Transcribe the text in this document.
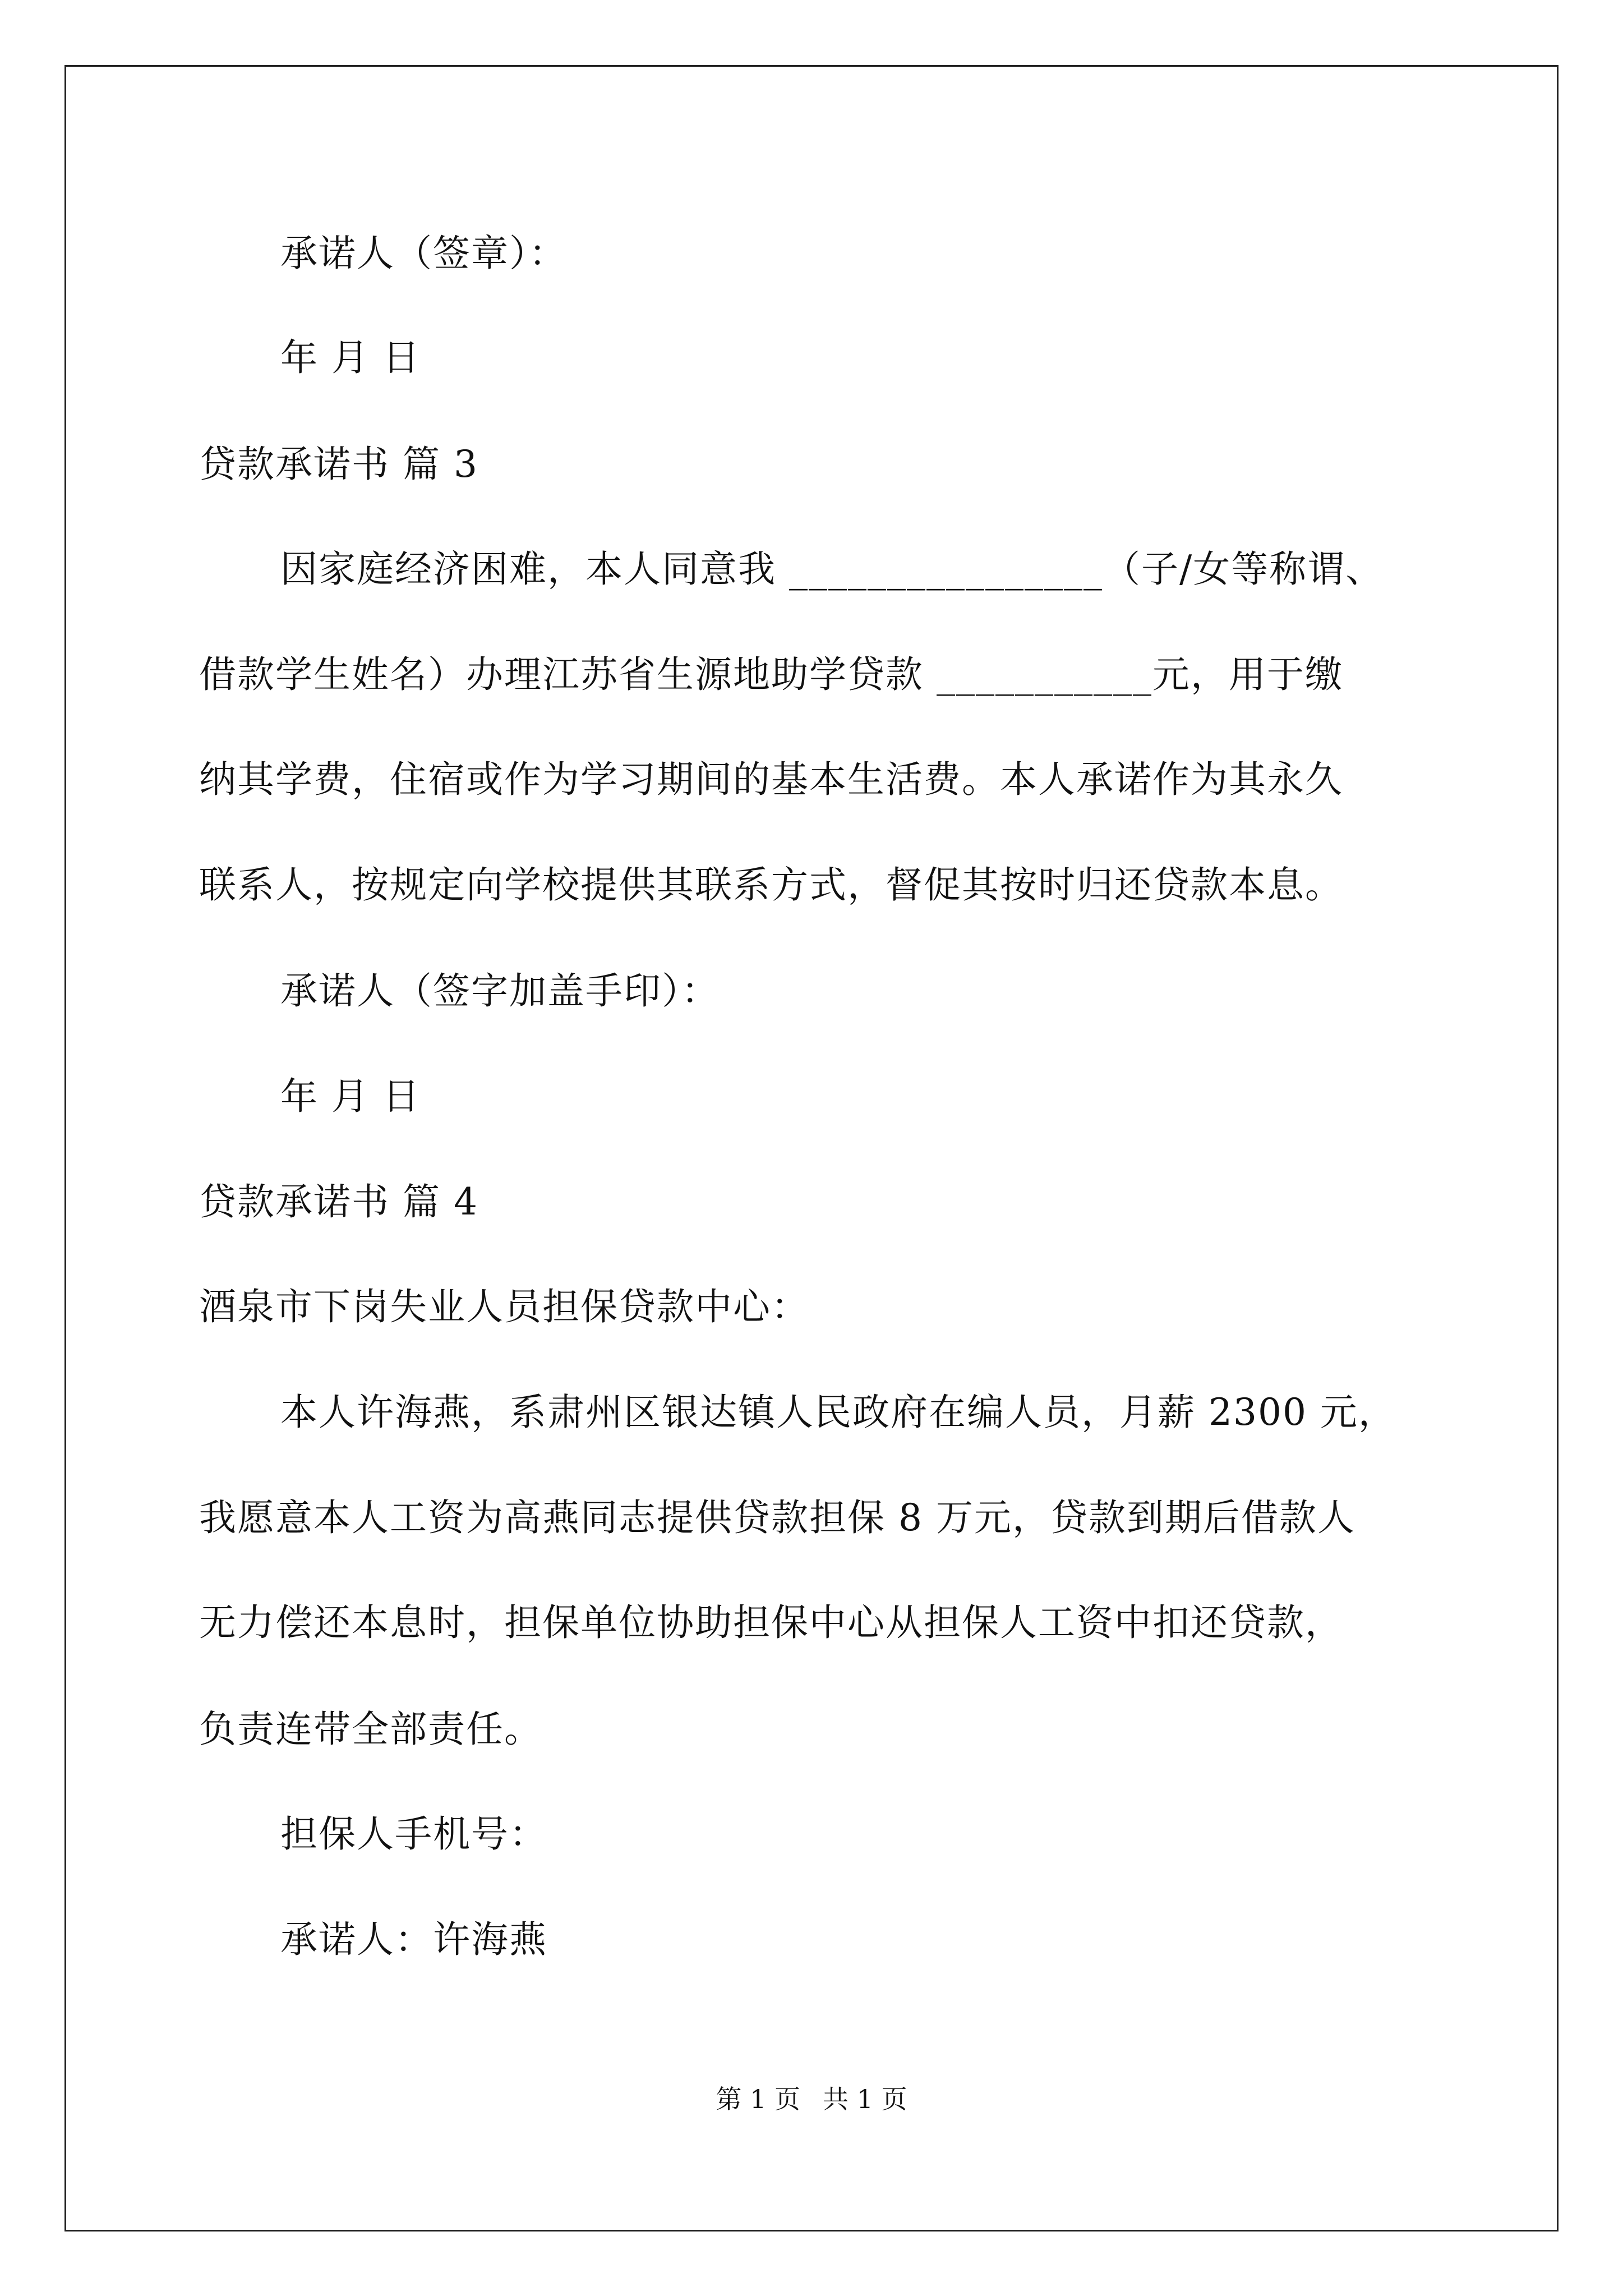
承诺人（签章）：
年 月 日
贷款承诺书 篇 3
因家庭经济困难，本人同意我 ________________（子/女等称谓、
借款学生姓名）办理江苏省生源地助学贷款 ___________元，用于缴
纳其学费，住宿或作为学习期间的基本生活费。本人承诺作为其永久
联系人，按规定向学校提供其联系方式，督促其按时归还贷款本息。
承诺人（签字加盖手印）：
年 月 日
贷款承诺书 篇 4
酒泉市下岗失业人员担保贷款中心：
本人许海燕，系肃州区银达镇人民政府在编人员，月薪 2300 元，
我愿意本人工资为高燕同志提供贷款担保 8 万元，贷款到期后借款人
无力偿还本息时，担保单位协助担保中心从担保人工资中扣还贷款，
负责连带全部责任。
担保人手机号：
承诺人：许海燕
第 1 页 共 1 页
